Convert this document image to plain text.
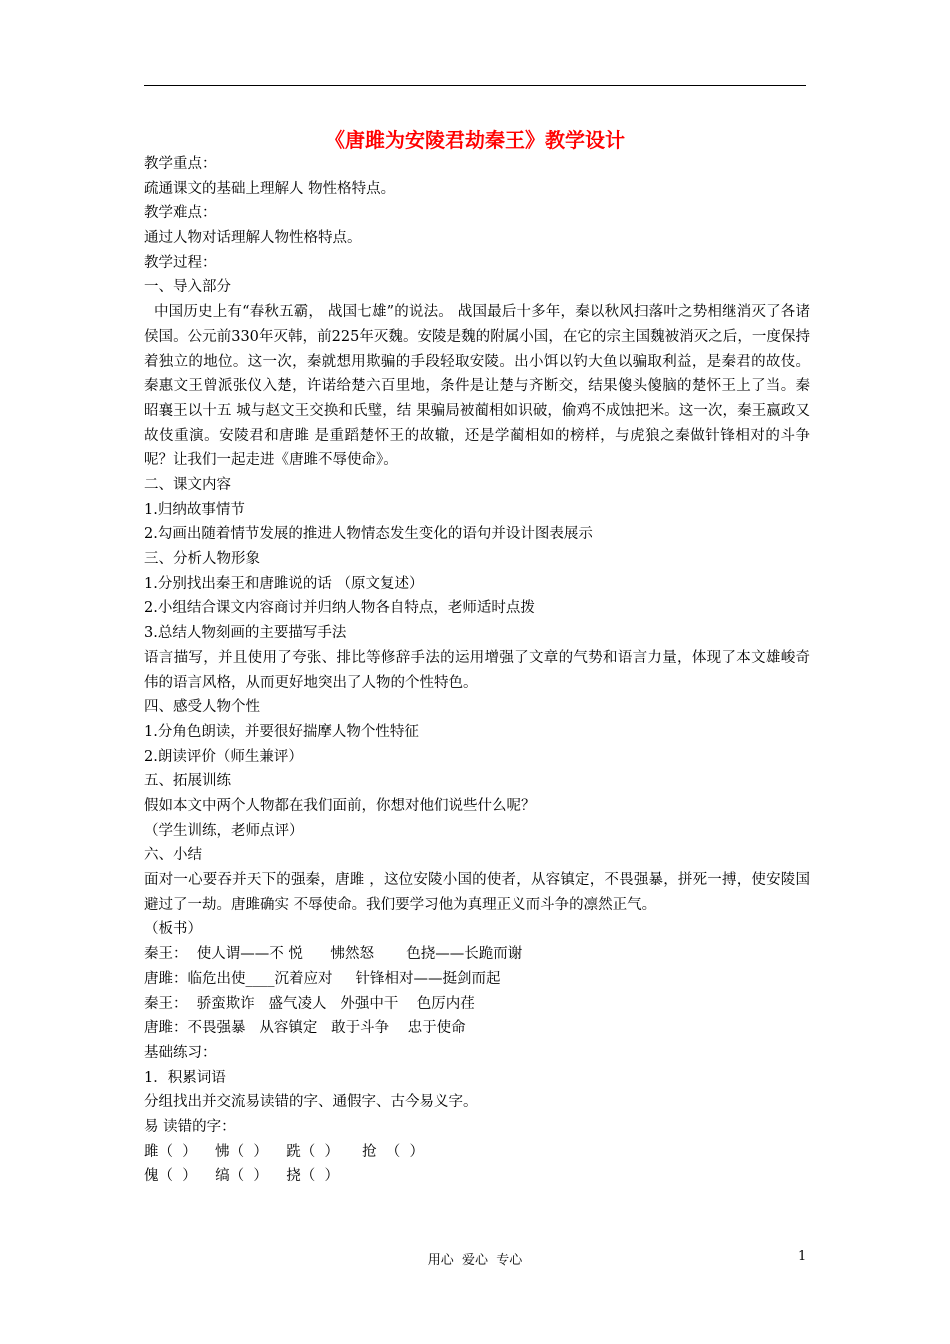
《唐雎为安陵君劫秦王》教学设计
教学重点：
疏通课文的基础上理解人 物性格特点。
教学难点：
通过人物对话理解人物性格特点。
教学过程：
一、导入部分
中国历史上有“春秋五霸， 战国七雄”的说法。 战国最后十多年，秦以秋风扫落叶之势相继消灭了各诸侯国。公元前330年灭韩，前225年灭魏。安陵是魏的附属小国，在它的宗主国魏被消灭之后，一度保持着独立的地位。这一次，秦就想用欺骗的手段轻取安陵。出小饵以钓大鱼以骗取利益，是秦君的故伎。秦惠文王曾派张仪入楚，许诺给楚六百里地，条件是让楚与齐断交，结果傻头傻脑的楚怀王上了当。秦昭襄王以十五 城与赵文王交换和氏璧，结 果骗局被蔺相如识破，偷鸡不成蚀把米。这一次，秦王嬴政又故伎重演。安陵君和唐雎 是重蹈楚怀王的故辙，还是学蔺相如的榜样，与虎狼之秦做针锋相对的斗争呢？让我们一起走进《唐雎不辱使命》。
二、课文内容
1.归纳故事情节
2.勾画出随着情节发展的推进人物情态发生变化的语句并设计图表展示
三、分析人物形象
1.分别找出秦王和唐雎说的话 （原文复述）
2.小组结合课文内容商讨并归纳人物各自特点，老师适时点拨
3.总结人物刻画的主要描写手法
语言描写，并且使用了夸张、排比等修辞手法的运用增强了文章的气势和语言力量，体现了本文雄峻奇伟的语言风格，从而更好地突出了人物的个性特色。
四、感受人物个性
1.分角色朗读，并要很好揣摩人物个性特征
2.朗读评价（师生兼评）
五、拓展训练
假如本文中两个人物都在我们面前，你想对他们说些什么呢？
（学生训练，老师点评）
六、小结
面对一心要吞并天下的强秦，唐雎 ，这位安陵小国的使者，从容镇定，不畏强暴，拼死一搏，使安陵国避过了一劫。唐雎确实 不辱使命。我们要学习他为真理正义而斗争的凛然正气。
（板书）
秦王：  使人谓——不 悦      怫然怒       色挠——长跪而谢
唐雎：临危出使____沉着应对     针锋相对——挺剑而起
秦王：  骄蛮欺诈   盛气凌人   外强中干    色厉内荏
唐雎：不畏强暴   从容镇定   敢于斗争    忠于使命
基础练习：
1．积累词语
分组找出并交流易读错的字、通假字、古今易义字。
易 读错的字：
雎（  ）    怫（  ）    跣（  ）     抢  （  ）
傀（  ）    缟（  ）    挠（  ）
用心  爱心  专心	1
